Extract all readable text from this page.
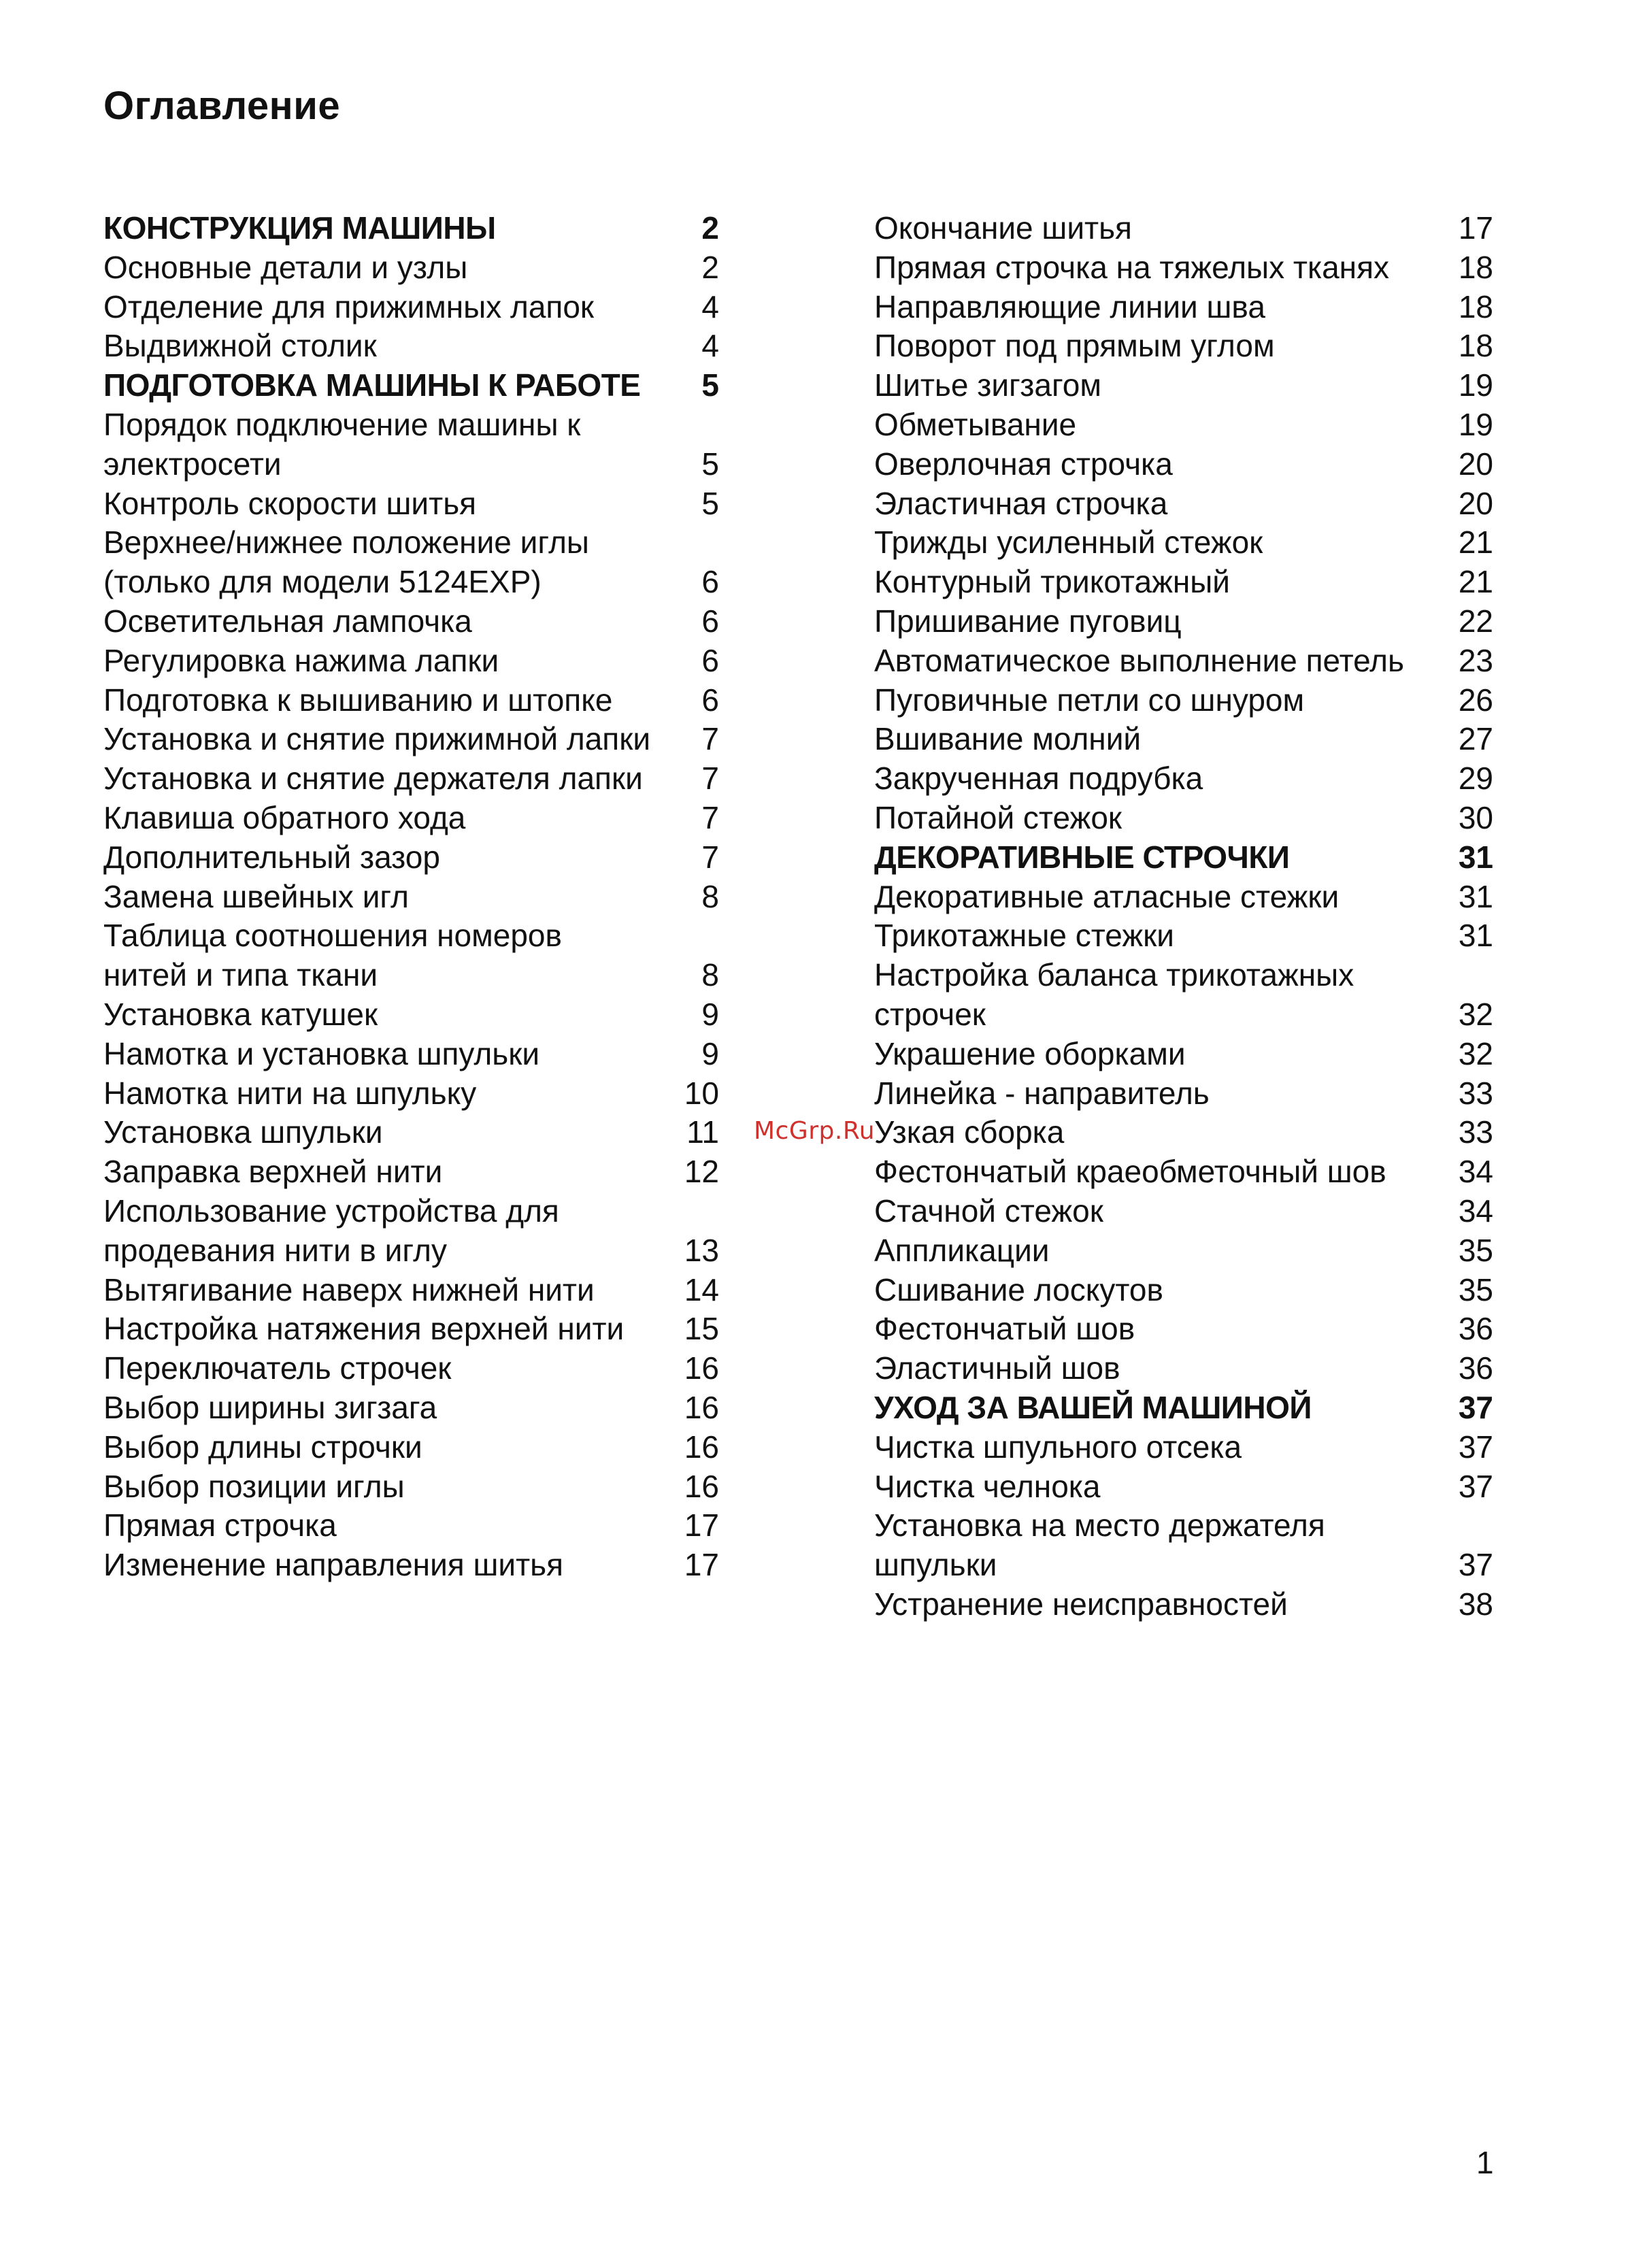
Оглавление
КОНСТРУКЦИЯ МАШИНЫ	2
Основные детали и узлы	2
Отделение для прижимных лапок	4
Выдвижной столик	4
ПОДГОТОВКА МАШИНЫ К РАБОТЕ	5
Порядок подключение машины к
электросети	5
Контроль скорости шитья	5
Верхнее/нижнее положение иглы
(только для модели 5124EXP)	6
Осветительная лампочка	6
Регулировка нажима лапки	6
Подготовка к вышиванию и штопке	6
Установка и снятие прижимной лапки	7
Установка и снятие держателя лапки	7
Клавиша обратного хода	7
Дополнительный зазор	7
Замена швейных игл	8
Таблица соотношения номеров
нитей и типа ткани	8
Установка катушек	9
Намотка и установка шпульки	9
Намотка нити на шпульку	10
Установка шпульки	11
Заправка верхней нити	12
Использование устройства для
продевания нити в иглу	13
Вытягивание наверх нижней нити	14
Настройка натяжения верхней нити	15
Переключатель строчек	16
Выбор ширины зигзага	16
Выбор длины строчки	16
Выбор позиции иглы	16
Прямая строчка	17
Изменение направления шитья	17
Окончание шитья	17
Прямая строчка на тяжелых тканях	18
Направляющие линии шва	18
Поворот под прямым углом	18
Шитье зигзагом	19
Обметывание	19
Оверлочная строчка	20
Эластичная строчка	20
Трижды усиленный стежок	21
Контурный трикотажный	21
Пришивание пуговиц	22
Автоматическое выполнение петель	23
Пуговичные петли со шнуром	26
Вшивание молний	27
Закрученная подрубка	29
Потайной стежок	30
ДЕКОРАТИВНЫЕ СТРОЧКИ	31
Декоративные атласные стежки	31
Трикотажные стежки	31
Настройка баланса трикотажных
строчек	32
Украшение оборками	32
Линейка - направитель	33
Узкая сборка	33
Фестончатый краеобметочный шов	34
Стачной стежок	34
Аппликации	35
Сшивание лоскутов	35
Фестончатый шов	36
Эластичный шов	36
УХОД ЗА ВАШЕЙ МАШИНОЙ	37
Чистка шпульного отсека	37
Чистка челнока	37
Установка на место держателя шпульки	37
Устранение неисправностей	38
McGrp.Ru
1
